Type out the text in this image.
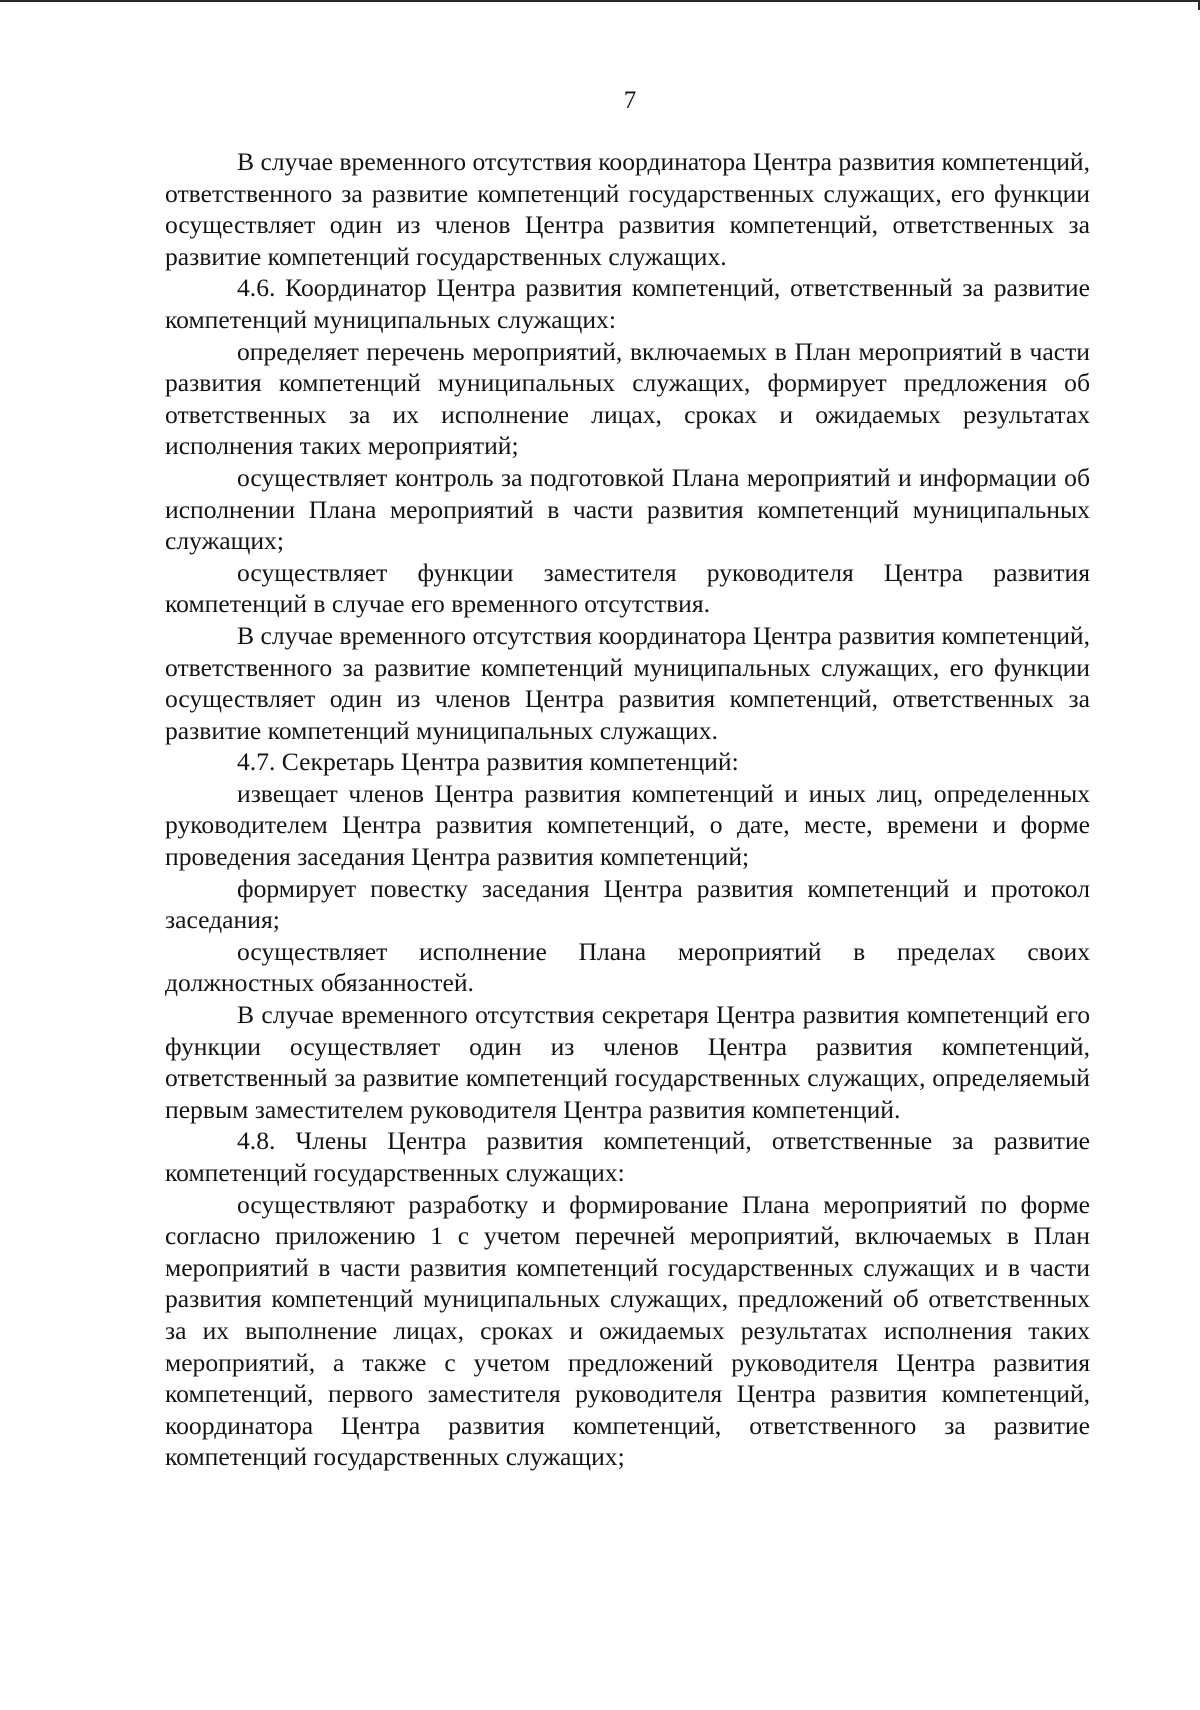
7

В случае временного отсутствия координатора Центра развития компетенций, ответственного за развитие компетенций государственных служащих, его функции осуществляет один из членов Центра развития компетенций, ответственных за развитие компетенций государственных служащих.

4.6. Координатор Центра развития компетенций, ответственный за развитие компетенций муниципальных служащих:

определяет перечень мероприятий, включаемых в План мероприятий в части развития компетенций муниципальных служащих, формирует предложения об ответственных за их исполнение лицах, сроках и ожидаемых результатах исполнения таких мероприятий;

осуществляет контроль за подготовкой Плана мероприятий и информации об исполнении Плана мероприятий в части развития компетенций муниципальных служащих;

осуществляет функции заместителя руководителя Центра развития компетенций в случае его временного отсутствия.

В случае временного отсутствия координатора Центра развития компетенций, ответственного за развитие компетенций муниципальных служащих, его функции осуществляет один из членов Центра развития компетенций, ответственных за развитие компетенций муниципальных служащих.

4.7. Секретарь Центра развития компетенций:

извещает членов Центра развития компетенций и иных лиц, определенных руководителем Центра развития компетенций, о дате, месте, времени и форме проведения заседания Центра развития компетенций;

формирует повестку заседания Центра развития компетенций и протокол заседания;

осуществляет исполнение Плана мероприятий в пределах своих должностных обязанностей.

В случае временного отсутствия секретаря Центра развития компетенций его функции осуществляет один из членов Центра развития компетенций, ответственный за развитие компетенций государственных служащих, определяемый первым заместителем руководителя Центра развития компетенций.

4.8. Члены Центра развития компетенций, ответственные за развитие компетенций государственных служащих:

осуществляют разработку и формирование Плана мероприятий по форме согласно приложению 1 с учетом перечней мероприятий, включаемых в План мероприятий в части развития компетенций государственных служащих и в части развития компетенций муниципальных служащих, предложений об ответственных за их выполнение лицах, сроках и ожидаемых результатах исполнения таких мероприятий, а также с учетом предложений руководителя Центра развития компетенций, первого заместителя руководителя Центра развития компетенций, координатора Центра развития компетенций, ответственного за развитие компетенций государственных служащих;
